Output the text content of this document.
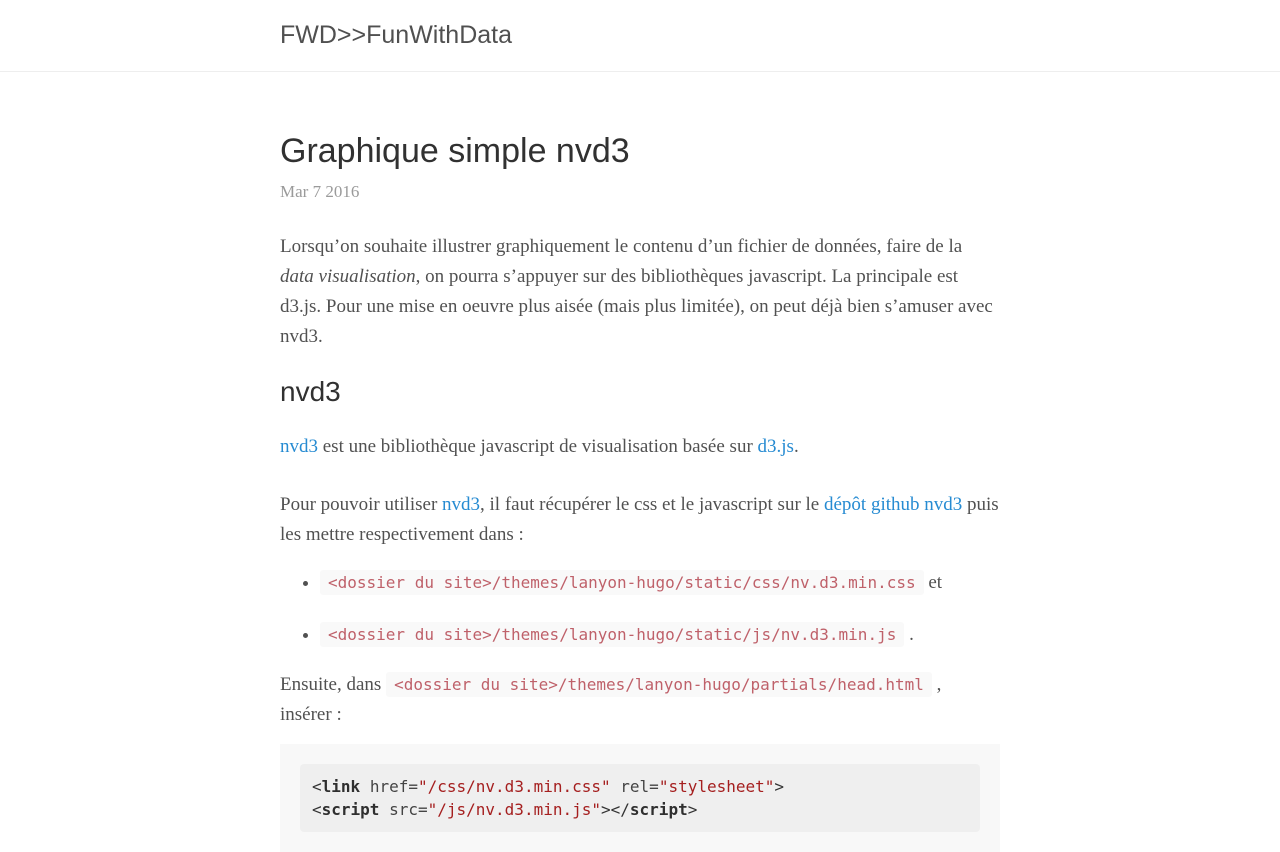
FWD>>FunWithData
Graphique simple nvd3
Mar 7 2016

Lorsqu’on souhaite illustrer graphiquement le contenu d’un fichier de données, faire de la data visualisation, on pourra s’appuyer sur des bibliothèques javascript. La principale est d3.js. Pour une mise en oeuvre plus aisée (mais plus limitée), on peut déjà bien s’amuser avec nvd3.

nvd3

nvd3 est une bibliothèque javascript de visualisation basée sur d3.js.

Pour pouvoir utiliser nvd3, il faut récupérer le css et le javascript sur le dépôt github nvd3 puis les mettre respectivement dans :

• <dossier du site>/themes/lanyon-hugo/static/css/nv.d3.min.css et
• <dossier du site>/themes/lanyon-hugo/static/js/nv.d3.min.js .

Ensuite, dans <dossier du site>/themes/lanyon-hugo/partials/head.html ,
insérer :

<link href="/css/nv.d3.min.css" rel="stylesheet">
<script src="/js/nv.d3.min.js"></script>
